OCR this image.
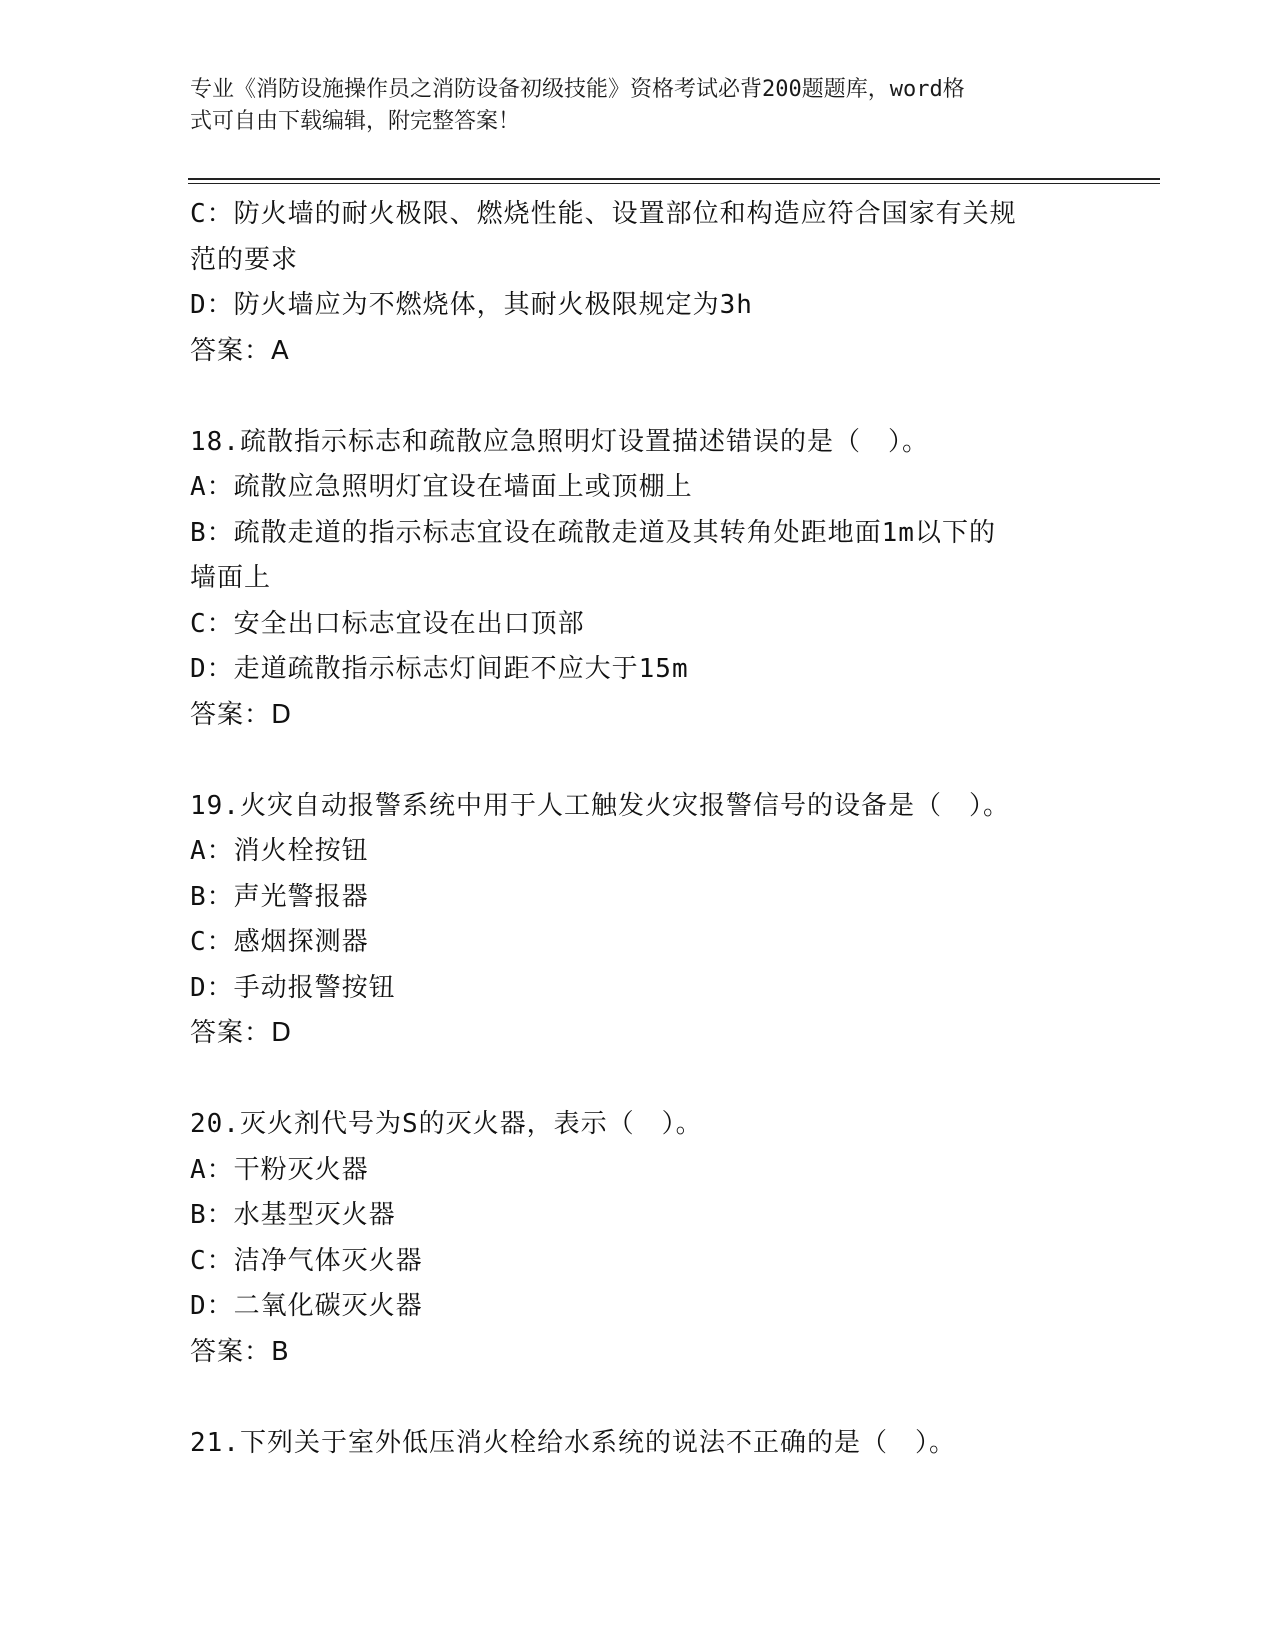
专业《消防设施操作员之消防设备初级技能》资格考试必背200题题库，word格
式可自由下载编辑，附完整答案！
C：防火墙的耐火极限、燃烧性能、设置部位和构造应符合国家有关规
范的要求
D：防火墙应为不燃烧体，其耐火极限规定为3h
答案：A
18.疏散指示标志和疏散应急照明灯设置描述错误的是（　）。
A：疏散应急照明灯宜设在墙面上或顶棚上
B：疏散走道的指示标志宜设在疏散走道及其转角处距地面1m以下的
墙面上
C：安全出口标志宜设在出口顶部
D：走道疏散指示标志灯间距不应大于15m
答案：D
19.火灾自动报警系统中用于人工触发火灾报警信号的设备是（　）。
A：消火栓按钮
B：声光警报器
C：感烟探测器
D：手动报警按钮
答案：D
20.灭火剂代号为S的灭火器，表示（　）。
A：干粉灭火器
B：水基型灭火器
C：洁净气体灭火器
D：二氧化碳灭火器
答案：B
21.下列关于室外低压消火栓给水系统的说法不正确的是（　）。
